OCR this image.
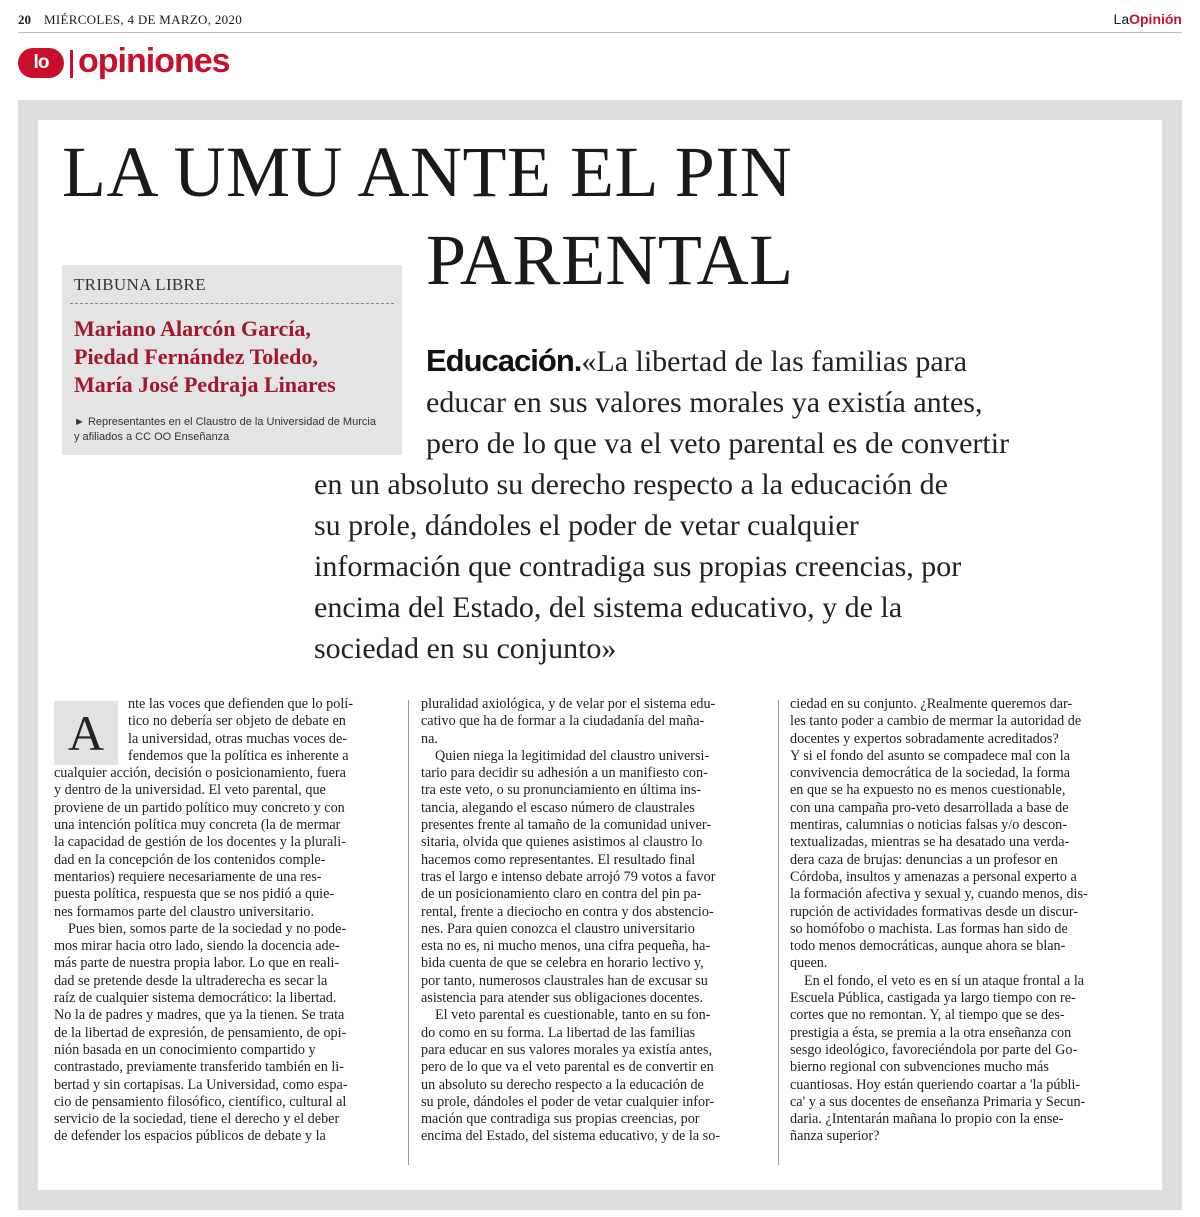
20 MIÉRCOLES, 4 DE MARZO, 2020	LaOpinión
lo opiniones
LA UMU ANTE EL PIN
PARENTAL
TRIBUNA LIBRE
Mariano Alarcón García,
Piedad Fernández Toledo,
María José Pedraja Linares
► Representantes en el Claustro de la Universidad de Murcia
y afiliados a CC OO Enseñanza
Educación.«La libertad de las familias para
educar en sus valores morales ya existía antes,
pero de lo que va el veto parental es de convertir
en un absoluto su derecho respecto a la educación de
su prole, dándoles el poder de vetar cualquier
información que contradiga sus propias creencias, por
encima del Estado, del sistema educativo, y de la
sociedad en su conjunto»
A
nte las voces que defienden que lo polí-
tico no debería ser objeto de debate en
la universidad, otras muchas voces de-
fendemos que la política es inherente a
cualquier acción, decisión o posicionamiento, fuera
y dentro de la universidad. El veto parental, que
proviene de un partido político muy concreto y con
una intención política muy concreta (la de mermar
la capacidad de gestión de los docentes y la plurali-
dad en la concepción de los contenidos comple-
mentarios) requiere necesariamente de una res-
puesta política, respuesta que se nos pidió a quie-
nes formamos parte del claustro universitario.
Pues bien, somos parte de la sociedad y no pode-
mos mirar hacia otro lado, siendo la docencia ade-
más parte de nuestra propia labor. Lo que en reali-
dad se pretende desde la ultraderecha es secar la
raíz de cualquier sistema democrático: la libertad.
No la de padres y madres, que ya la tienen. Se trata
de la libertad de expresión, de pensamiento, de opi-
nión basada en un conocimiento compartido y
contrastado, previamente transferido también en li-
bertad y sin cortapisas. La Universidad, como espa-
cio de pensamiento filosófico, científico, cultural al
servicio de la sociedad, tiene el derecho y el deber
de defender los espacios públicos de debate y la
pluralidad axiológica, y de velar por el sistema edu-
cativo que ha de formar a la ciudadanía del maña-
na.
Quien niega la legitimidad del claustro universi-
tario para decidir su adhesión a un manifiesto con-
tra este veto, o su pronunciamiento en última ins-
tancia, alegando el escaso número de claustrales
presentes frente al tamaño de la comunidad univer-
sitaria, olvida que quienes asistimos al claustro lo
hacemos como representantes. El resultado final
tras el largo e intenso debate arrojó 79 votos a favor
de un posicionamiento claro en contra del pin pa-
rental, frente a dieciocho en contra y dos abstencio-
nes. Para quien conozca el claustro universitario
esta no es, ni mucho menos, una cifra pequeña, ha-
bida cuenta de que se celebra en horario lectivo y,
por tanto, numerosos claustrales han de excusar su
asistencia para atender sus obligaciones docentes.
El veto parental es cuestionable, tanto en su fon-
do como en su forma. La libertad de las familias
para educar en sus valores morales ya existía antes,
pero de lo que va el veto parental es de convertir en
un absoluto su derecho respecto a la educación de
su prole, dándoles el poder de vetar cualquier infor-
mación que contradiga sus propias creencias, por
encima del Estado, del sistema educativo, y de la so-
ciedad en su conjunto. ¿Realmente queremos dar-
les tanto poder a cambio de mermar la autoridad de
docentes y expertos sobradamente acreditados?
Y si el fondo del asunto se compadece mal con la
convivencia democrática de la sociedad, la forma
en que se ha expuesto no es menos cuestionable,
con una campaña pro-veto desarrollada a base de
mentiras, calumnias o noticias falsas y/o descon-
textualizadas, mientras se ha desatado una verda-
dera caza de brujas: denuncias a un profesor en
Córdoba, insultos y amenazas a personal experto a
la formación afectiva y sexual y, cuando menos, dis-
rupción de actividades formativas desde un discur-
so homófobo o machista. Las formas han sido de
todo menos democráticas, aunque ahora se blan-
queen.
En el fondo, el veto es en sí un ataque frontal a la
Escuela Pública, castigada ya largo tiempo con re-
cortes que no remontan. Y, al tiempo que se des-
prestigia a ésta, se premia a la otra enseñanza con
sesgo ideológico, favoreciéndola por parte del Go-
bierno regional con subvenciones mucho más
cuantiosas. Hoy están queriendo coartar a 'la públi-
ca' y a sus docentes de enseñanza Primaria y Secun-
daria. ¿Intentarán mañana lo propio con la ense-
ñanza superior?
